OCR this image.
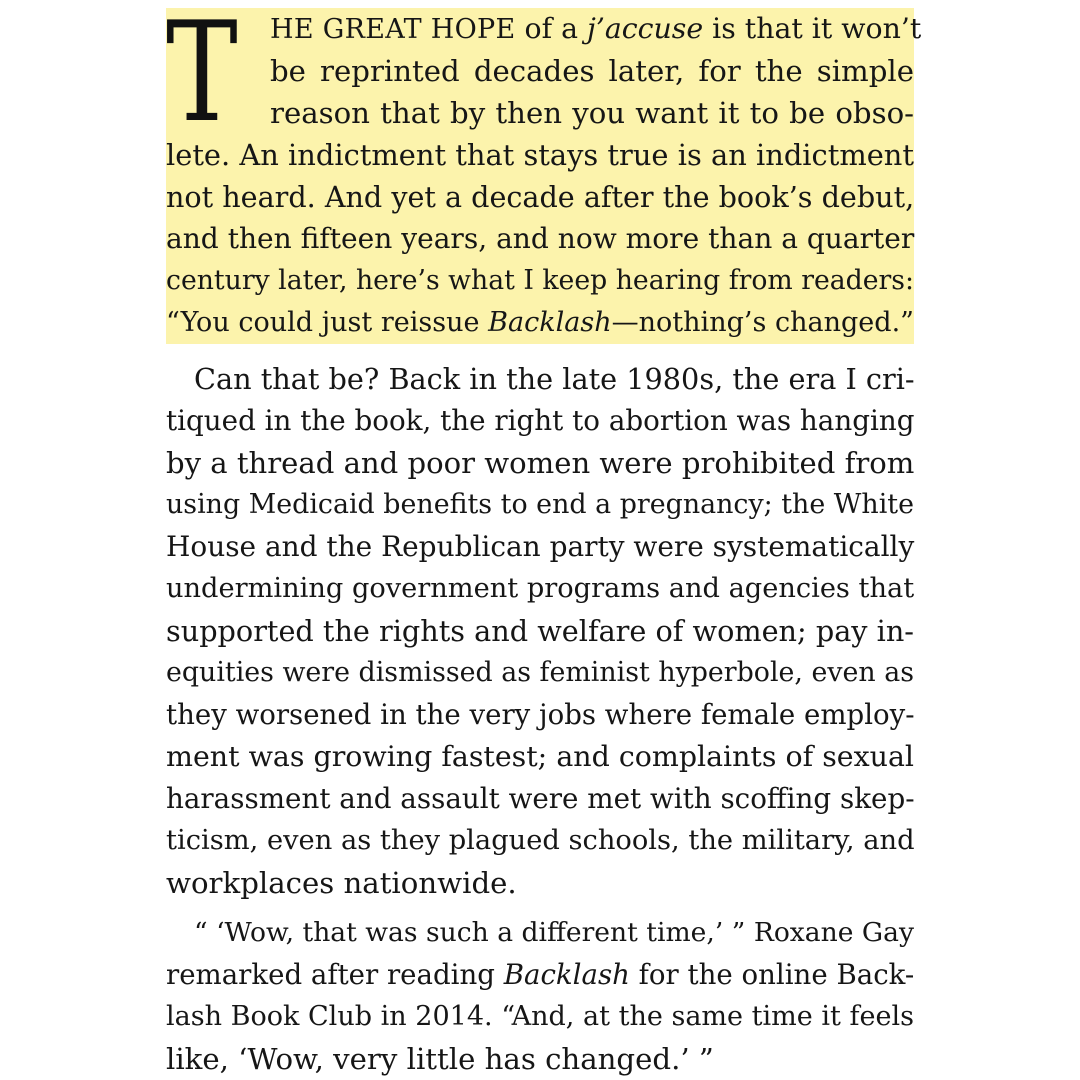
T HE GREAT HOPE of a j’accuse is that it won’t
be reprinted decades later, for the simple
reason that by then you want it to be obso-
lete. An indictment that stays true is an indictment
not heard. And yet a decade after the book’s debut,
and then fifteen years, and now more than a quarter
century later, here’s what I keep hearing from readers:
“You could just reissue Backlash—nothing’s changed.”
Can that be? Back in the late 1980s, the era I cri-
tiqued in the book, the right to abortion was hanging
by a thread and poor women were prohibited from
using Medicaid benefits to end a pregnancy; the White
House and the Republican party were systematically
undermining government programs and agencies that
supported the rights and welfare of women; pay in-
equities were dismissed as feminist hyperbole, even as
they worsened in the very jobs where female employ-
ment was growing fastest; and complaints of sexual
harassment and assault were met with scoffing skep-
ticism, even as they plagued schools, the military, and
workplaces nationwide.
“ ‘Wow, that was such a different time,’ ” Roxane Gay
remarked after reading Backlash for the online Back-
lash Book Club in 2014. “And, at the same time it feels
like, ‘Wow, very little has changed.’ ”
